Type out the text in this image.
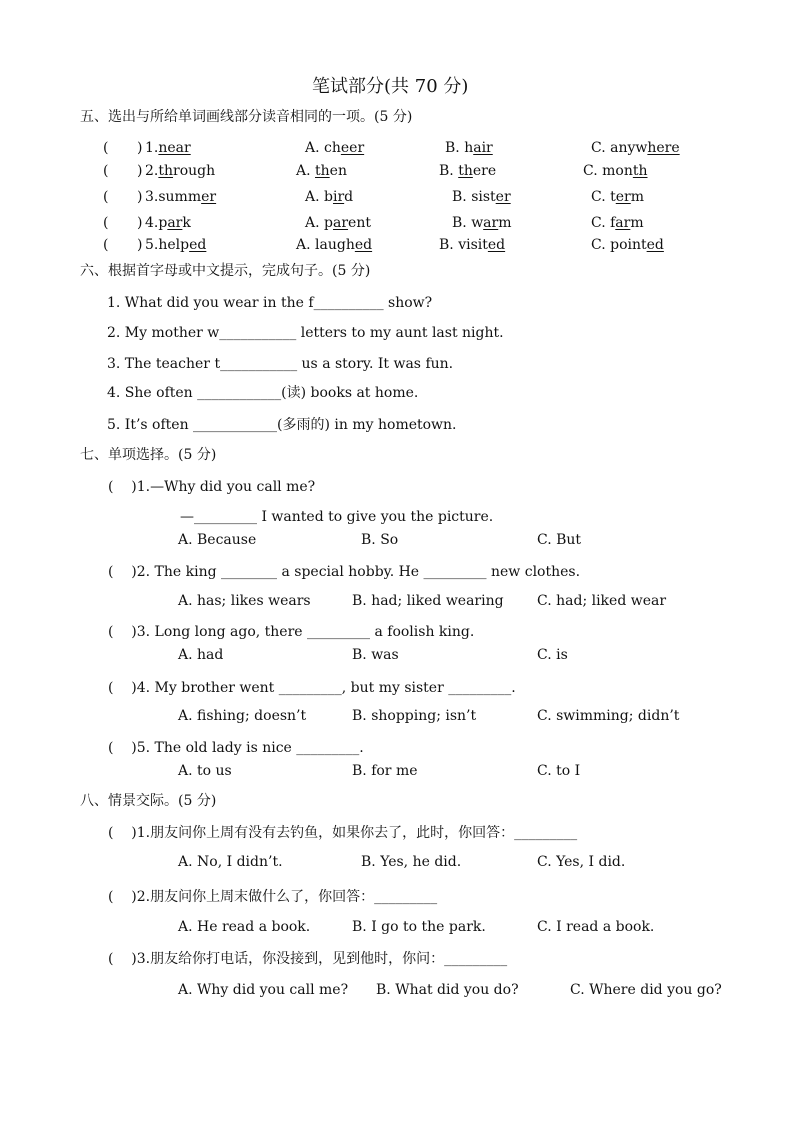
笔试部分(共 70 分)
五、选出与所给单词画线部分读音相同的一项。(5 分)
( ) 1.near	A. cheer	B. hair	C. anywhere
( ) 2.through	A. then	B. there	C. month
( ) 3.summer	A. bird	B. sister	C. term
( ) 4.park	A. parent	B. warm	C. farm
( ) 5.helped	A. laughed	B. visited	C. pointed
六、根据首字母或中文提示，完成句子。(5 分)
1. What did you wear in the f__________ show?
2. My mother w___________ letters to my aunt last night.
3. The teacher t___________ us a story. It was fun.
4. She often ____________(读) books at home.
5. It’s often ____________(多雨的) in my hometown.
七、单项选择。(5 分)
(    )1.—Why did you call me?
—_________ I wanted to give you the picture.
A. Because	B. So	C. But
(    )2. The king ________ a special hobby. He _________ new clothes.
A. has; likes wears	B. had; liked wearing C. had; liked wear
(    )3. Long long ago, there _________ a foolish king.
A. had	B. was	C. is
(    )4. My brother went _________, but my sister _________.
A. fishing; doesn’t	B. shopping; isn’t	C. swimming; didn’t
(    )5. The old lady is nice _________.
A. to us	B. for me	C. to I
八、情景交际。(5 分)
(    )1.朋友问你上周有没有去钓鱼，如果你去了，此时，你回答：_________
A. No, I didn’t.	B. Yes, he did.	C. Yes, I did.
(    )2.朋友问你上周末做什么了，你回答：_________
A. He read a book.	B. I go to the park.	C. I read a book.
(    )3.朋友给你打电话，你没接到，见到他时，你问：_________
A. Why did you call me? B. What did you do?	C. Where did you go?
